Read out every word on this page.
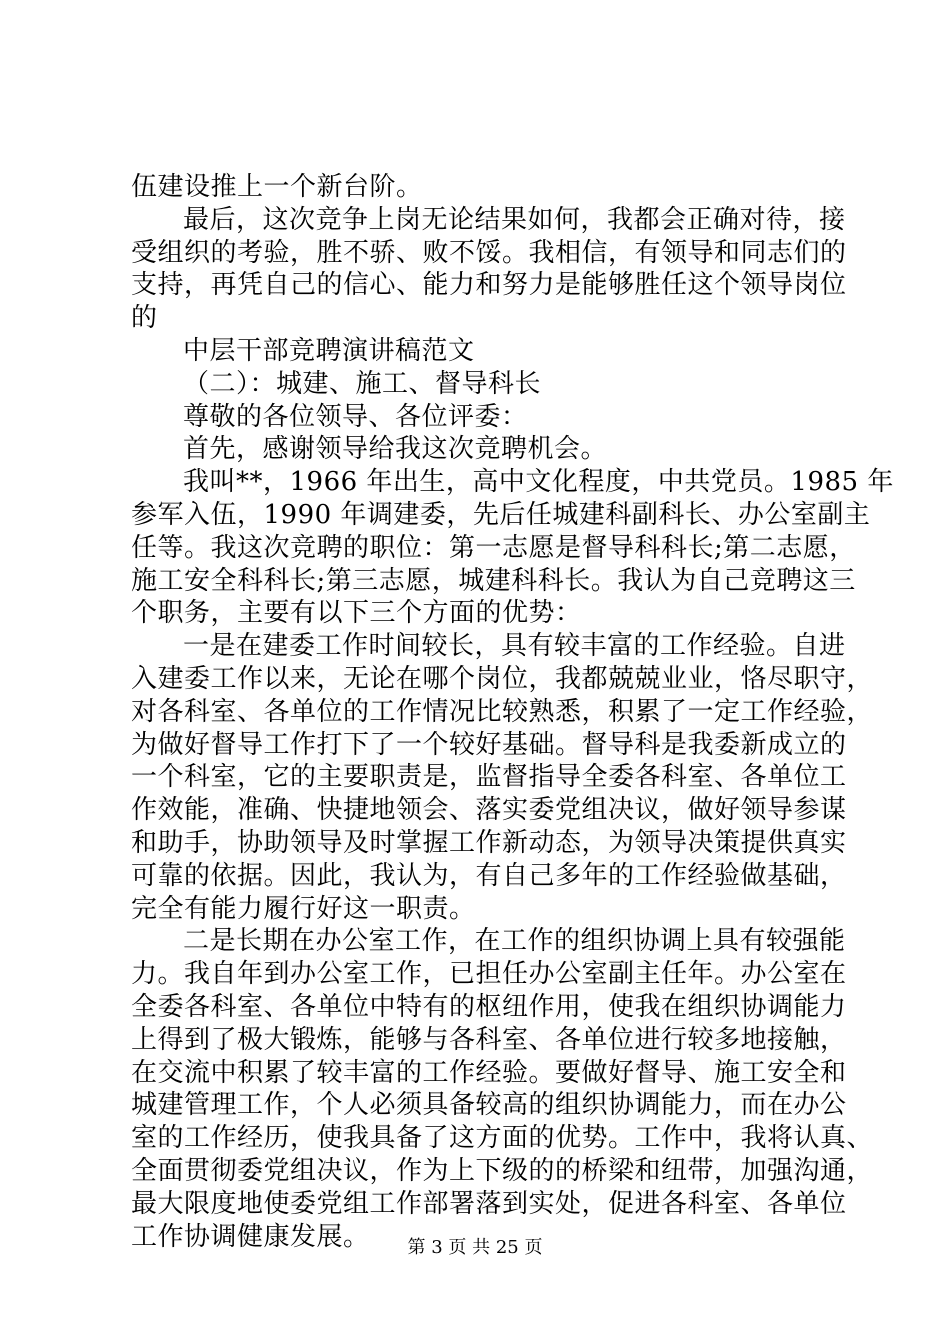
伍建设推上一个新台阶。
最后，这次竞争上岗无论结果如何，我都会正确对待，接
受组织的考验，胜不骄、败不馁。我相信，有领导和同志们的
支持，再凭自己的信心、能力和努力是能够胜任这个领导岗位
的
中层干部竞聘演讲稿范文
（二）：城建、施工、督导科长
尊敬的各位领导、各位评委：
首先，感谢领导给我这次竞聘机会。
我叫**，1966 年出生，高中文化程度，中共党员。1985 年
参军入伍，1990 年调建委，先后任城建科副科长、办公室副主
任等。我这次竞聘的职位：第一志愿是督导科科长;第二志愿，
施工安全科科长;第三志愿，城建科科长。我认为自己竞聘这三
个职务，主要有以下三个方面的优势：
一是在建委工作时间较长，具有较丰富的工作经验。自进
入建委工作以来，无论在哪个岗位，我都兢兢业业，恪尽职守，
对各科室、各单位的工作情况比较熟悉，积累了一定工作经验，
为做好督导工作打下了一个较好基础。督导科是我委新成立的
一个科室，它的主要职责是，监督指导全委各科室、各单位工
作效能，准确、快捷地领会、落实委党组决议，做好领导参谋
和助手，协助领导及时掌握工作新动态，为领导决策提供真实
可靠的依据。因此，我认为，有自己多年的工作经验做基础，
完全有能力履行好这一职责。
二是长期在办公室工作，在工作的组织协调上具有较强能
力。我自年到办公室工作，已担任办公室副主任年。办公室在
全委各科室、各单位中特有的枢纽作用，使我在组织协调能力
上得到了极大锻炼，能够与各科室、各单位进行较多地接触，
在交流中积累了较丰富的工作经验。要做好督导、施工安全和
城建管理工作，个人必须具备较高的组织协调能力，而在办公
室的工作经历，使我具备了这方面的优势。工作中，我将认真、
全面贯彻委党组决议，作为上下级的的桥梁和纽带，加强沟通，
最大限度地使委党组工作部署落到实处，促进各科室、各单位
工作协调健康发展。	第 3 页 共 25 页
